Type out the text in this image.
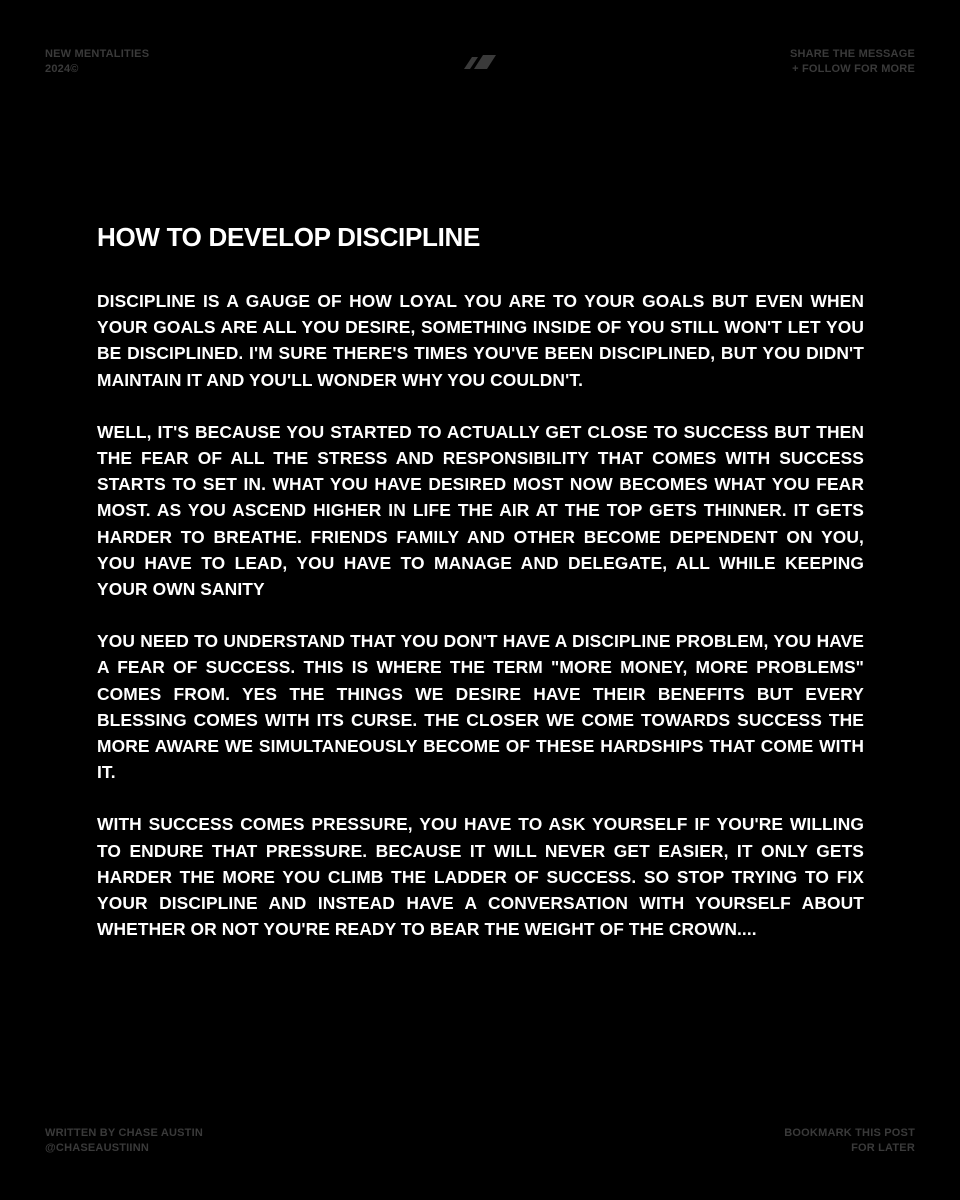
NEW MENTALITIES
2024©
SHARE THE MESSAGE
+ FOLLOW FOR MORE
HOW TO DEVELOP DISCIPLINE

DISCIPLINE IS A GAUGE OF HOW LOYAL YOU ARE TO YOUR GOALS BUT EVEN WHEN YOUR GOALS ARE ALL YOU DESIRE, SOMETHING INSIDE OF YOU STILL WON'T LET YOU BE DISCIPLINED. I'M SURE THERE'S TIMES YOU'VE BEEN DISCIPLINED, BUT YOU DIDN'T MAINTAIN IT AND YOU'LL WONDER WHY YOU COULDN'T.

WELL, IT'S BECAUSE YOU STARTED TO ACTUALLY GET CLOSE TO SUCCESS BUT THEN THE FEAR OF ALL THE STRESS AND RESPONSIBILITY THAT COMES WITH SUCCESS STARTS TO SET IN. WHAT YOU HAVE DESIRED MOST NOW BECOMES WHAT YOU FEAR MOST. AS YOU ASCEND HIGHER IN LIFE THE AIR AT THE TOP GETS THINNER. IT GETS HARDER TO BREATHE. FRIENDS FAMILY AND OTHER BECOME DEPENDENT ON YOU, YOU HAVE TO LEAD, YOU HAVE TO MANAGE AND DELEGATE, ALL WHILE KEEPING YOUR OWN SANITY

YOU NEED TO UNDERSTAND THAT YOU DON'T HAVE A DISCIPLINE PROBLEM, YOU HAVE A FEAR OF SUCCESS. THIS IS WHERE THE TERM "MORE MONEY, MORE PROBLEMS" COMES FROM. YES THE THINGS WE DESIRE HAVE THEIR BENEFITS BUT EVERY BLESSING COMES WITH ITS CURSE. THE CLOSER WE COME TOWARDS SUCCESS THE MORE AWARE WE SIMULTANEOUSLY BECOME OF THESE HARDSHIPS THAT COME WITH IT.

WITH SUCCESS COMES PRESSURE, YOU HAVE TO ASK YOURSELF IF YOU'RE WILLING TO ENDURE THAT PRESSURE. BECAUSE IT WILL NEVER GET EASIER, IT ONLY GETS HARDER THE MORE YOU CLIMB THE LADDER OF SUCCESS. SO STOP TRYING TO FIX YOUR DISCIPLINE AND INSTEAD HAVE A CONVERSATION WITH YOURSELF ABOUT WHETHER OR NOT YOU'RE READY TO BEAR THE WEIGHT OF THE CROWN....

WRITTEN BY CHASE AUSTIN
@CHASEAUSTIINN
BOOKMARK THIS POST
FOR LATER
